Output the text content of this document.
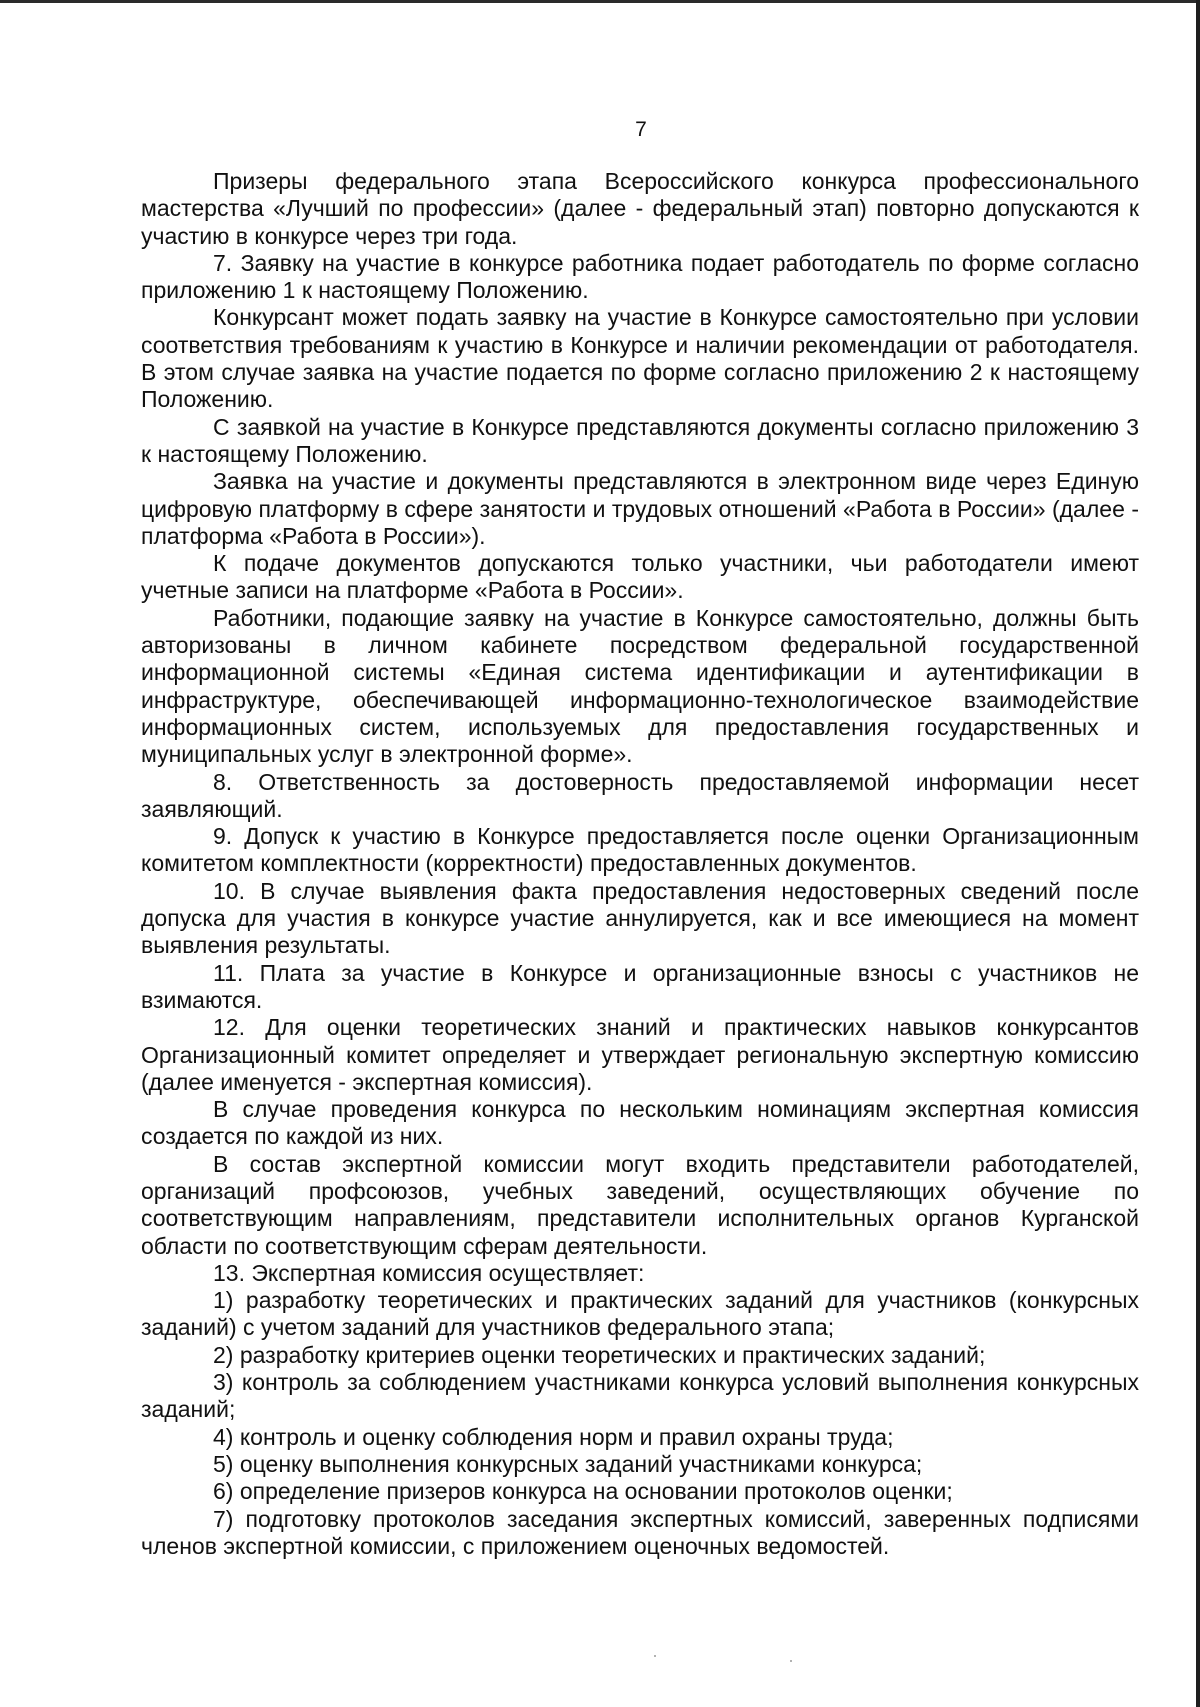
7

Призеры федерального этапа Всероссийского конкурса профессионального мастерства «Лучший по профессии» (далее - федеральный этап) повторно допускаются к участию в конкурсе через три года.

7. Заявку на участие в конкурсе работника подает работодатель по форме согласно приложению 1 к настоящему Положению.

Конкурсант может подать заявку на участие в Конкурсе самостоятельно при условии соответствия требованиям к участию в Конкурсе и наличии рекомендации от работодателя. В этом случае заявка на участие подается по форме согласно приложению 2 к настоящему Положению.

С заявкой на участие в Конкурсе представляются документы согласно приложению 3 к настоящему Положению.

Заявка на участие и документы представляются в электронном виде через Единую цифровую платформу в сфере занятости и трудовых отношений «Работа в России» (далее - платформа «Работа в России»).

К подаче документов допускаются только участники, чьи работодатели имеют учетные записи на платформе «Работа в России».

Работники, подающие заявку на участие в Конкурсе самостоятельно, должны быть авторизованы в личном кабинете посредством федеральной государственной информационной системы «Единая система идентификации и аутентификации в инфраструктуре, обеспечивающей информационно-технологическое взаимодействие информационных систем, используемых для предоставления государственных и муниципальных услуг в электронной форме».

8. Ответственность за достоверность предоставляемой информации несет заявляющий.

9. Допуск к участию в Конкурсе предоставляется после оценки Организационным комитетом комплектности (корректности) предоставленных документов.

10. В случае выявления факта предоставления недостоверных сведений после допуска для участия в конкурсе участие аннулируется, как и все имеющиеся на момент выявления результаты.

11. Плата за участие в Конкурсе и организационные взносы с участников не взимаются.

12. Для оценки теоретических знаний и практических навыков конкурсантов Организационный комитет определяет и утверждает региональную экспертную комиссию (далее именуется - экспертная комиссия).

В случае проведения конкурса по нескольким номинациям экспертная комиссия создается по каждой из них.

В состав экспертной комиссии могут входить представители работодателей, организаций профсоюзов, учебных заведений, осуществляющих обучение по соответствующим направлениям, представители исполнительных органов Курганской области по соответствующим сферам деятельности.

13. Экспертная комиссия осуществляет:

1) разработку теоретических и практических заданий для участников (конкурсных заданий) с учетом заданий для участников федерального этапа;

2) разработку критериев оценки теоретических и практических заданий;

3) контроль за соблюдением участниками конкурса условий выполнения конкурсных заданий;

4) контроль и оценку соблюдения норм и правил охраны труда;

5) оценку выполнения конкурсных заданий участниками конкурса;

6) определение призеров конкурса на основании протоколов оценки;

7) подготовку протоколов заседания экспертных комиссий, заверенных подписями членов экспертной комиссии, с приложением оценочных ведомостей.
